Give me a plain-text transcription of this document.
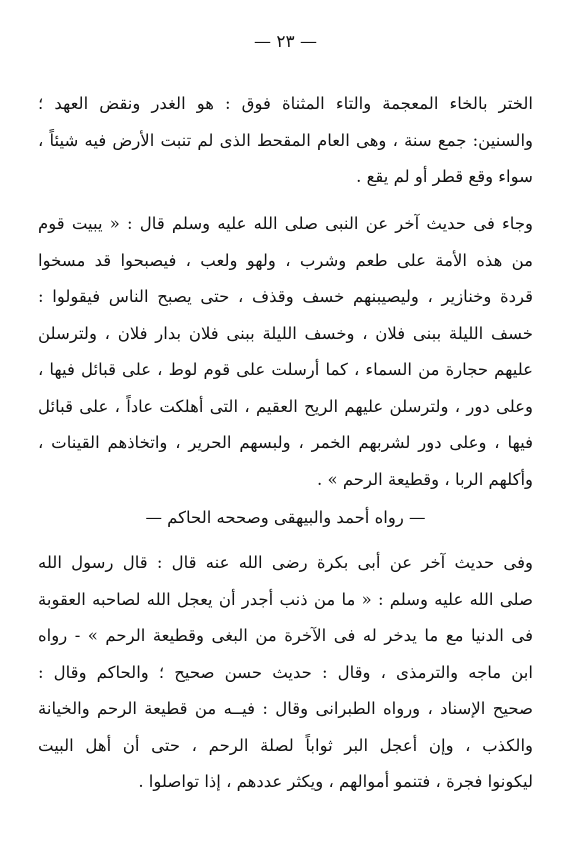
— ٢٣ —
الختر بالخاء المعجمة والتاء المثناة فوق : هو الغدر ونقض العهد ؛
والسنين: جمع سنة ، وهى العام المقحط الذى لم تنبت الأرض فيه شيئاً ،
سواء وقع قطر أو لم يقع .
وجاء فى حديث آخر عن النبى صلى الله عليه وسلم قال : « يبيت قوم
من هذه الأمة على طعم وشرب ، ولهو ولعب ، فيصبحوا قد مسخوا
قردة وخنازير ، وليصيبنهم خسف وقذف ، حتى يصبح الناس فيقولوا :
خسف الليلة ببنى فلان ، وخسف الليلة ببنى فلان بدار فلان ، ولترسلن
عليهم حجارة من السماء ، كما أرسلت على قوم لوط ، على قبائل فيها ،
وعلى دور ، ولترسلن عليهم الريح العقيم ، التى أهلكت عاداً ، على قبائل
فيها ، وعلى دور لشربهم الخمر ، ولبسهم الحرير ، واتخاذهم القينات ،
وأكلهم الربا ، وقطيعة الرحم » .
— رواه أحمد والبيهقى وصححه الحاكم —
وفى حديث آخر عن أبى بكرة رضى الله عنه قال : قال رسول الله
صلى الله عليه وسلم : « ما من ذنب أجدر أن يعجل الله لصاحبه العقوبة
فى الدنيا مع ما يدخر له فى الآخرة من البغى وقطيعة الرحم » - رواه
ابن ماجه والترمذى ، وقال : حديث حسن صحيح ؛ والحاكم وقال :
صحيح الإسناد ، ورواه الطبرانى وقال : فيــه من قطيعة الرحم والخيانة
والكذب ، وإن أعجل البر ثواباً لصلة الرحم ، حتى أن أهل البيت
ليكونوا فجرة ، فتنمو أموالهم ، ويكثر عددهم ، إذا تواصلوا .
